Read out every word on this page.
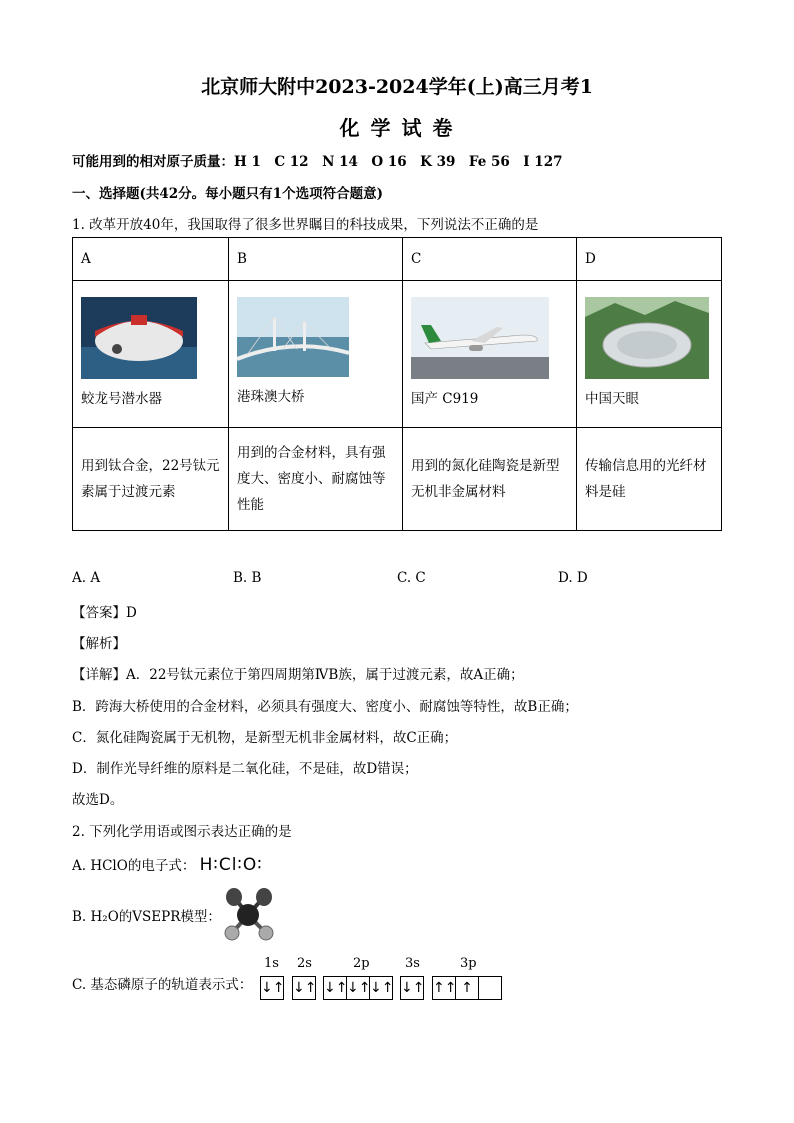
北京师大附中2023-2024学年(上)高三月考1
化 学 试 卷
可能用到的相对原子质量：H 1　C 12　N 14　O 16　K 39　Fe 56　I 127
一、选择题(共42分。每小题只有1个选项符合题意)
1. 改革开放40年，我国取得了很多世界瞩目的科技成果，下列说法不正确的是
A	B	C	D

蛟龙号潜水器	港珠澳大桥	国产 C919	中国天眼

用到钛合金，22号钛元素属于过渡元素	用到的合金材料，具有强度大、密度小、耐腐蚀等性能	用到的氮化硅陶瓷是新型无机非金属材料	传输信息用的光纤材料是硅
A. A	B. B	C. C	D. D
【答案】D
【解析】
【详解】A．22号钛元素位于第四周期第ⅣB族，属于过渡元素，故A正确；
B．跨海大桥使用的合金材料，必须具有强度大、密度小、耐腐蚀等特性，故B正确；
C．氮化硅陶瓷属于无机物，是新型无机非金属材料，故C正确；
D．制作光导纤维的原料是二氧化硅，不是硅，故D错误；
故选D。
2. 下列化学用语或图示表达正确的是
A. HClO的电子式： H∶Cl∶O∶
B. H₂O的VSEPR模型：
C. 基态磷原子的轨道表示式：
1s 2s	2p	3s	3p
↓↑ ↓↑ ↓↑ ↓↑ ↓↑ ↓↑ ↑↑ ↑
